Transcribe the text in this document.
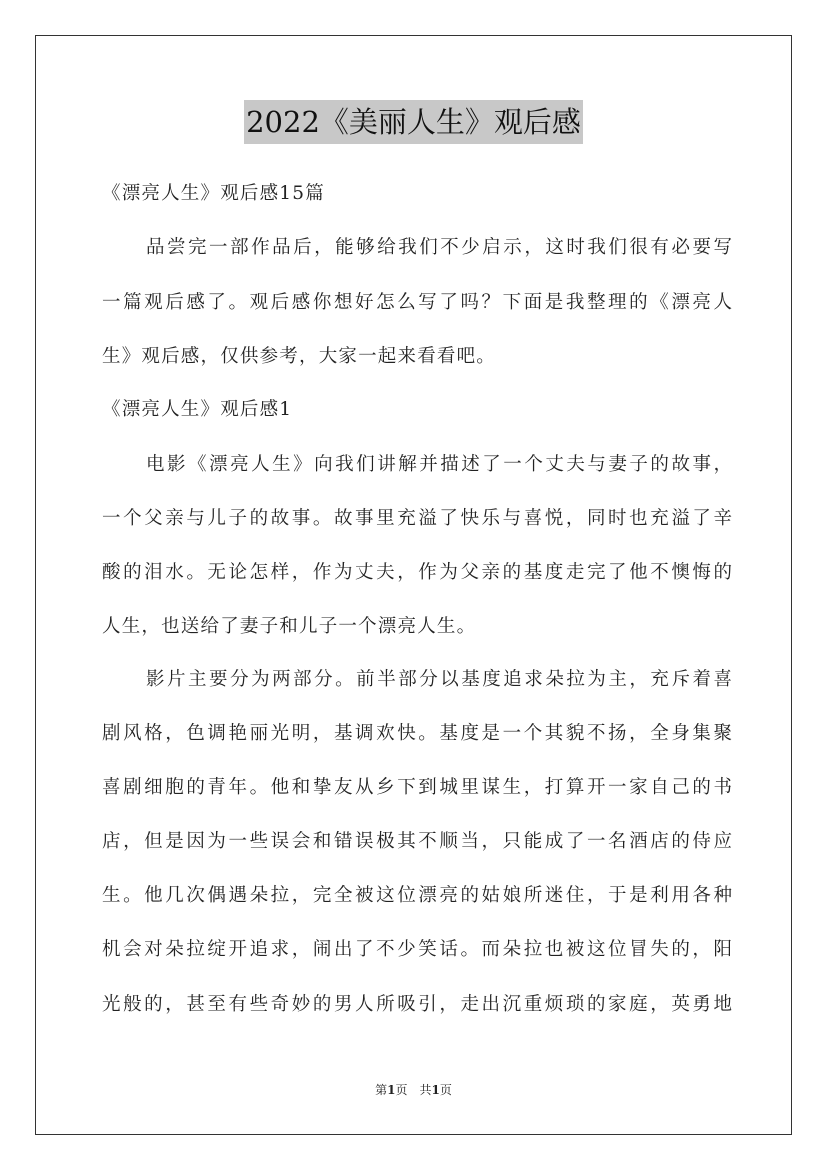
2022《美丽人生》观后感
《漂亮人生》观后感15篇
品尝完一部作品后，能够给我们不少启示，这时我们很有必要写
一篇观后感了。观后感你想好怎么写了吗？下面是我整理的《漂亮人
生》观后感，仅供参考，大家一起来看看吧。
《漂亮人生》观后感1
电影《漂亮人生》向我们讲解并描述了一个丈夫与妻子的故事，
一个父亲与儿子的故事。故事里充溢了快乐与喜悦，同时也充溢了辛
酸的泪水。无论怎样，作为丈夫，作为父亲的基度走完了他不懊悔的
人生，也送给了妻子和儿子一个漂亮人生。
影片主要分为两部分。前半部分以基度追求朵拉为主，充斥着喜
剧风格，色调艳丽光明，基调欢快。基度是一个其貌不扬，全身集聚
喜剧细胞的青年。他和挚友从乡下到城里谋生，打算开一家自己的书
店，但是因为一些误会和错误极其不顺当，只能成了一名酒店的侍应
生。他几次偶遇朵拉，完全被这位漂亮的姑娘所迷住，于是利用各种
机会对朵拉绽开追求，闹出了不少笑话。而朵拉也被这位冒失的，阳
光般的，甚至有些奇妙的男人所吸引，走出沉重烦琐的家庭，英勇地
第1页　共1页
